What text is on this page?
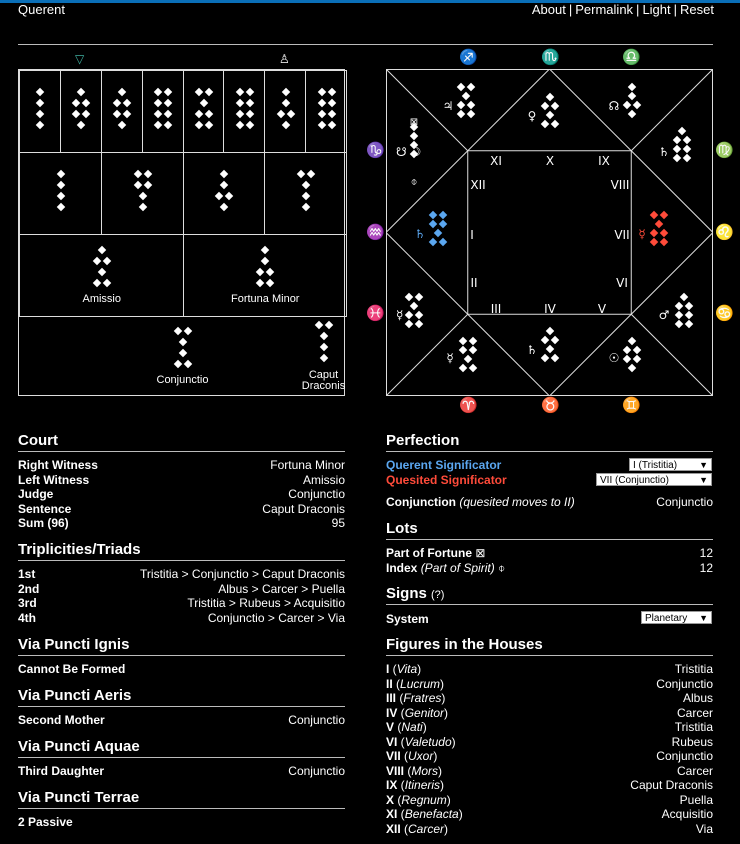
Querent	About | Permalink | Light | Reset
▽	♙
Amissio	Fortuna Minor
Conjunctio	Caput Draconis
XI	X	IX
XII	VIII
I	VII
II	VI
III	IV	V
♃
♀
☊
⊠
⌽
☋ ☽
♄	☿
♄
☿	♂
☿
♄
☉
Court
Right Witness	Fortuna Minor
Left Witness	Amissio
Judge	Conjunctio
Sentence	Caput Draconis
Sum (96)	95
Triplicities/Triads
1st	Tristitia > Conjunctio > Caput Draconis
2nd	Albus > Carcer > Puella
3rd	Tristitia > Rubeus > Acquisitio
4th	Conjunctio > Carcer > Via
Via Puncti Ignis
Cannot Be Formed
Via Puncti Aeris
Second Mother	Conjunctio
Via Puncti Aquae
Third Daughter	Conjunctio
Via Puncti Terrae
2 Passive
Perfection
Querent Significator	I (Tristitia) ▼
Quesited Significator	VII (Conjunctio)	▼
Conjunction (quesited moves to II)	Conjunctio
Lots
Part of Fortune ⊠	12
Index (Part of Spirit) ⌽	12
Signs (?)
System	Planetary ▼
Figures in the Houses
I (Vita)	Tristitia
II (Lucrum)	Conjunctio
III (Fratres)	Albus
IV (Genitor)	Carcer
V (Nati)	Tristitia
VI (Valetudo)	Rubeus
VII (Uxor)	Conjunctio
VIII (Mors)	Carcer
IX (Itineris)	Caput Draconis
X (Regnum)	Puella
XI (Benefacta)	Acquisitio
XII (Carcer)	Via
♐	♏	♎
♈	♉	♊
♑
♒
♓
♍
♌
♋
